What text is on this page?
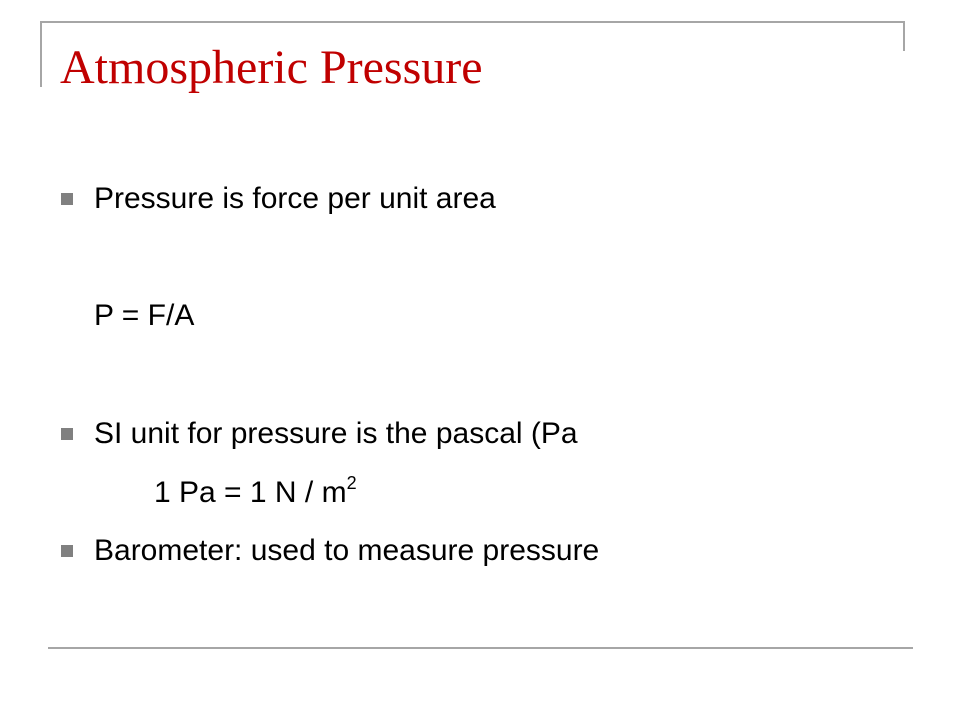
Atmospheric Pressure
Pressure is force per unit area
P = F/A
SI unit for pressure is the pascal (Pa
1 Pa = 1 N / $m^2$
Barometer: used to measure pressure
